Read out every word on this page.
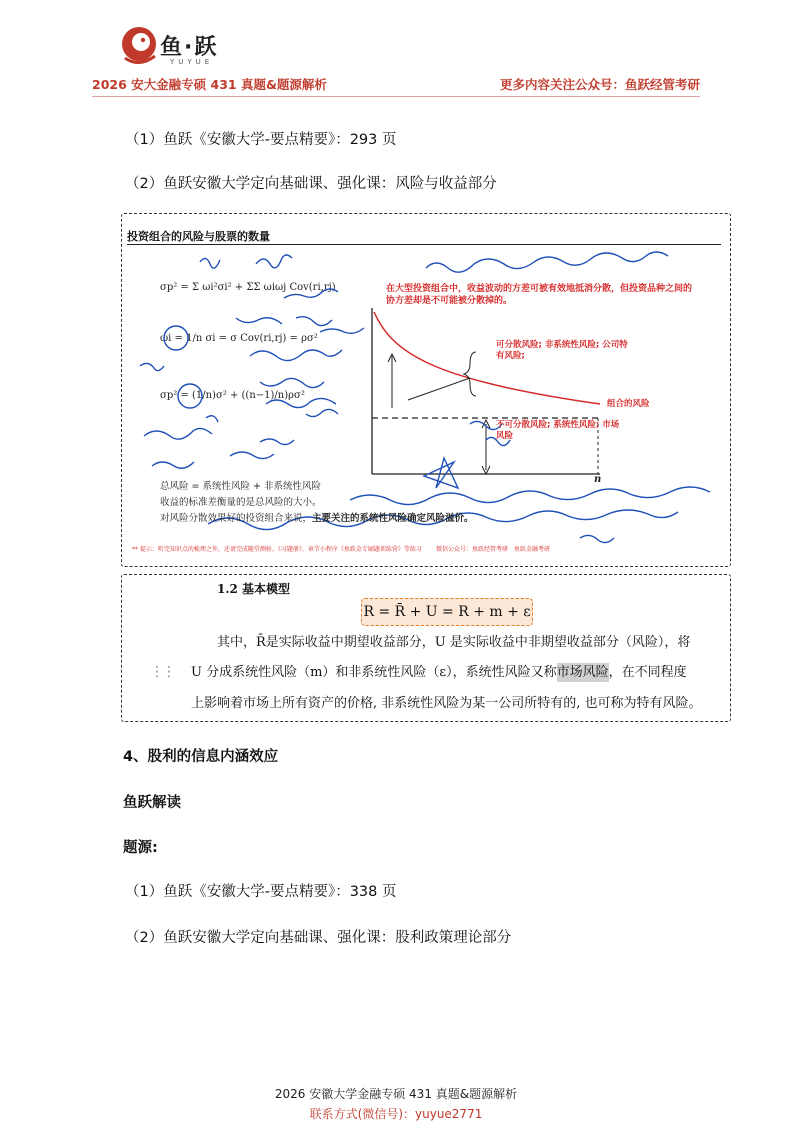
鱼·跃
YUYUE
2026 安大金融专硕 431 真题&题源解析	更多内容关注公众号：鱼跃经管考研
（1）鱼跃《安徽大学-要点精要》：293 页
（2）鱼跃安徽大学定向基础课、强化课：风险与收益部分
投资组合的风险与股票的数量
σp² = Σ ωi²σi² + ΣΣ ωiωj Cov(ri,rj)
ωi = 1/n σi = σ Cov(ri,rj) = ρσ²
σp² = (1/n)σ² + ((n−1)/n)ρσ²
在大型投资组合中，收益波动的方差可被有效地抵消分散，但投资品种之间的协方差却是不可能被分散掉的。
可分散风险; 非系统性风险; 公司特有风险;
组合的风险
不可分散风险; 系统性风险; 市场风险
n
总风险 = 系统性风险 + 非系统性风险
收益的标准差衡量的是总风险的大小。
对风险分散效果好的投资组合来说，主要关注的系统性风险确定风险溢价。
** 提示：听完知识点的梳理之外，还请完成随堂测验、《习题册》、章节小程序《鱼跃金专刷题训练营》等练习 微信公众号：鱼跃经管考研　鱼跃金融考研
1.2 基本模型
R = R̄ + U = R + m + ε
其中，R̄是实际收益中期望收益部分，U 是实际收益中非期望收益部分（风险），将
⋮⋮ U 分成系统性风险（m）和非系统性风险（ε），系统性风险又称市场风险，在不同程度
上影响着市场上所有资产的价格, 非系统性风险为某一公司所特有的, 也可称为特有风险。
4、股利的信息内涵效应
鱼跃解读
题源:
（1）鱼跃《安徽大学-要点精要》：338 页
（2）鱼跃安徽大学定向基础课、强化课：股利政策理论部分
2026 安徽大学金融专硕 431 真题&题源解析
联系方式(微信号)：yuyue2771
